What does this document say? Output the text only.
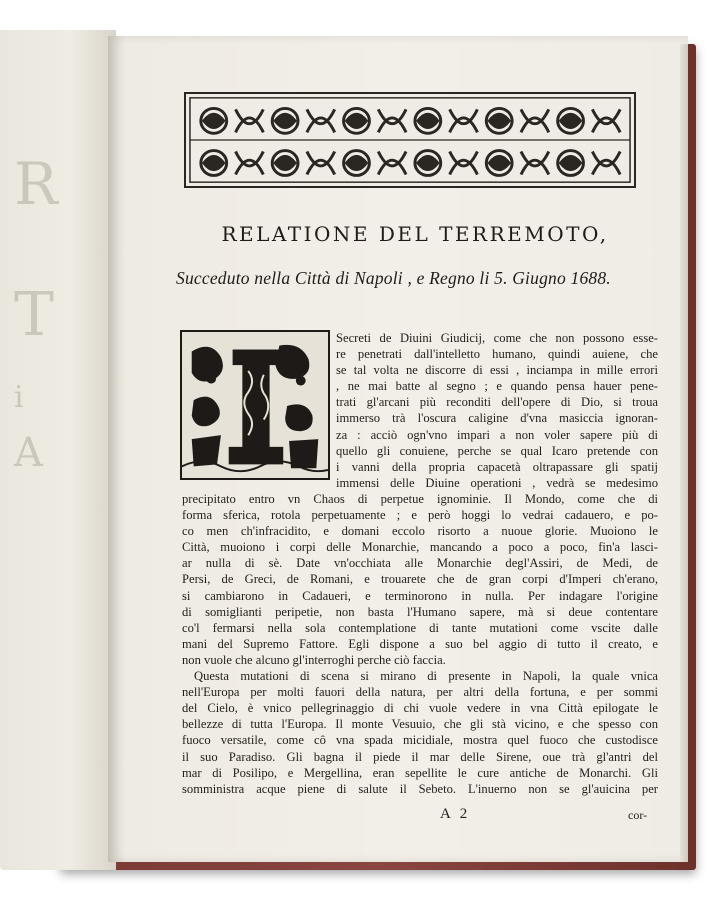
R
T
i
A
RELATIONE DEL TERREMOTO,
Succeduto nella Città di Napoli , e Regno li 5. Giugno 1688.
Secreti de Diuini Giudicij, come che non possono esse-
re penetrati dall'intelletto humano, quindi auiene, che
se tal volta ne discorre di essi , inciampa in mille errori
, ne mai batte al segno ; e quando pensa hauer pene-
trati gl'arcani più reconditi dell'opere di Dio, si troua
immerso trà l'oscura caligine d'vna masiccia ignoran-
za : acciò ogn'vno impari a non voler sapere più di
quello gli conuiene, perche se qual Icaro pretende con
i vanni della propria capacetà oltrapassare gli spatij
immensi delle Diuine operationi , vedrà se medesimo
precipitato entro vn Chaos di perpetue ignominie. Il Mondo, come che di
forma sferica, rotola perpetuamente ; e però hoggi lo vedrai cadauero, e po-
co men ch'infracidito, e domani eccolo risorto a nuoue glorie. Muoiono le
Città, muoiono i corpi delle Monarchie, mancando a poco a poco, fin'a lasci-
ar nulla di sè. Date vn'occhiata alle Monarchie degl'Assiri, de Medi, de
Persi, de Greci, de Romani, e trouarete che de gran corpi d'Imperi ch'erano,
si cambiarono in Cadaueri, e terminorono in nulla. Per indagare l'origine
di somiglianti peripetie, non basta l'Humano sapere, mà si deue contentare
co'l fermarsi nella sola contemplatione di tante mutationi come vscite dalle
mani del Supremo Fattore. Egli dispone a suo bel aggio di tutto il creato, e
non vuole che alcuno gl'interroghi perche ciò faccia.
Questa mutationi di scena si mirano di presente in Napoli, la quale vnica
nell'Europa per molti fauori della natura, per altri della fortuna, e per sommi
del Cielo, è vnico pellegrinaggio di chi vuole vedere in vna Città epilogate le
bellezze di tutta l'Europa. Il monte Vesuuio, che gli stà vicino, e che spesso con
fuoco versatile, come cô vna spada micidiale, mostra quel fuoco che custodisce
il suo Paradiso. Gli bagna il piede il mar delle Sirene, oue trà gl'antri del
mar di Posilipo, e Mergellina, eran sepellite le cure antiche de Monarchi. Gli
somministra acque piene di salute il Sebeto. L'inuerno non se gl'auicina per
A 2	cor-
